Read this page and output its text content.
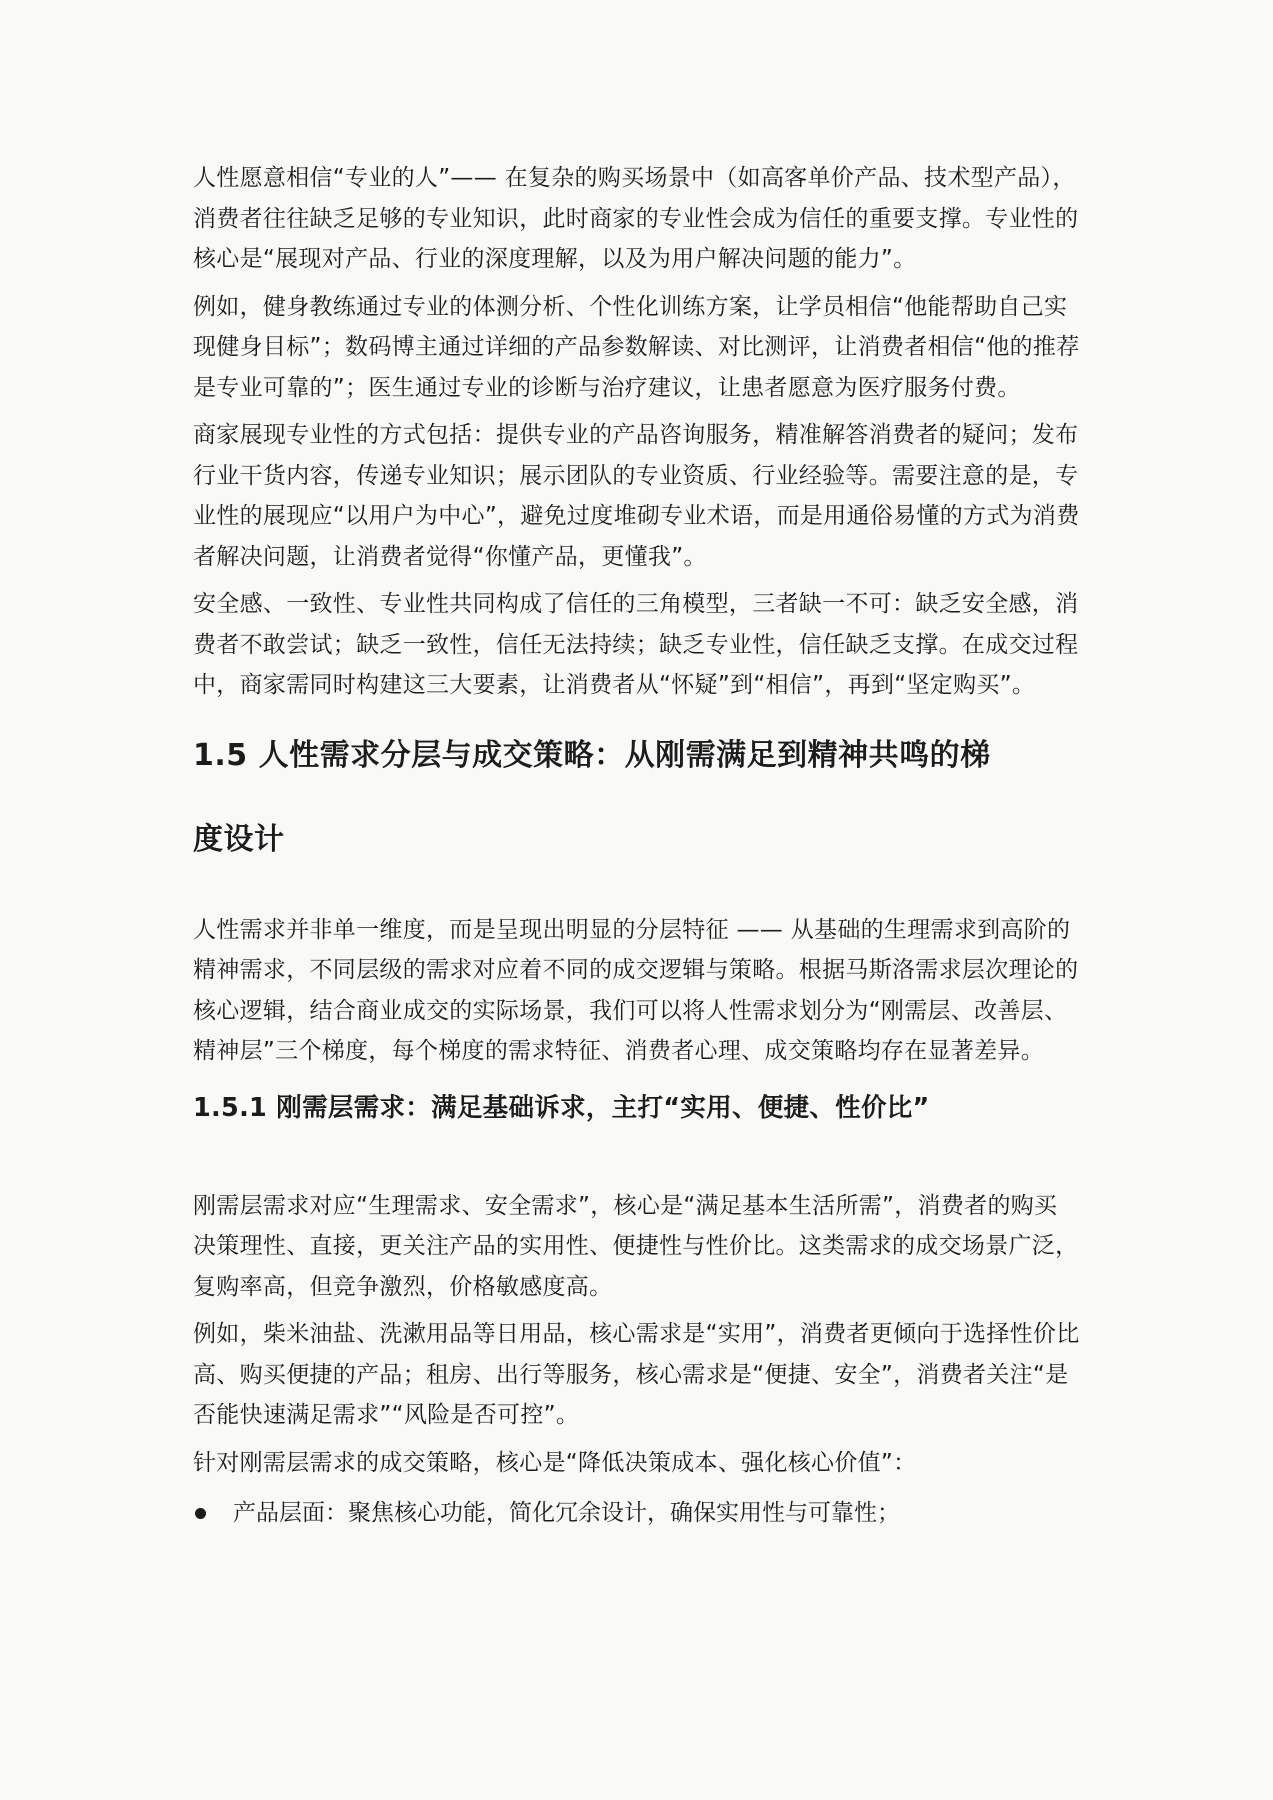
人性愿意相信“专业的人”—— 在复杂的购买场景中（如高客单价产品、技术型产品），
消费者往往缺乏足够的专业知识，此时商家的专业性会成为信任的重要支撑。专业性的
核心是“展现对产品、行业的深度理解，以及为用户解决问题的能力”。
例如，健身教练通过专业的体测分析、个性化训练方案，让学员相信“他能帮助自己实
现健身目标”；数码博主通过详细的产品参数解读、对比测评，让消费者相信“他的推荐
是专业可靠的”；医生通过专业的诊断与治疗建议，让患者愿意为医疗服务付费。
商家展现专业性的方式包括：提供专业的产品咨询服务，精准解答消费者的疑问；发布
行业干货内容，传递专业知识；展示团队的专业资质、行业经验等。需要注意的是，专
业性的展现应“以用户为中心”，避免过度堆砌专业术语，而是用通俗易懂的方式为消费
者解决问题，让消费者觉得“你懂产品，更懂我”。
安全感、一致性、专业性共同构成了信任的三角模型，三者缺一不可：缺乏安全感，消
费者不敢尝试；缺乏一致性，信任无法持续；缺乏专业性，信任缺乏支撑。在成交过程
中，商家需同时构建这三大要素，让消费者从“怀疑”到“相信”，再到“坚定购买”。
1.5 人性需求分层与成交策略：从刚需满足到精神共鸣的梯
度设计
人性需求并非单一维度，而是呈现出明显的分层特征 —— 从基础的生理需求到高阶的
精神需求，不同层级的需求对应着不同的成交逻辑与策略。根据马斯洛需求层次理论的
核心逻辑，结合商业成交的实际场景，我们可以将人性需求划分为“刚需层、改善层、
精神层”三个梯度，每个梯度的需求特征、消费者心理、成交策略均存在显著差异。
1.5.1 刚需层需求：满足基础诉求，主打“实用、便捷、性价比”
刚需层需求对应“生理需求、安全需求”，核心是“满足基本生活所需”，消费者的购买
决策理性、直接，更关注产品的实用性、便捷性与性价比。这类需求的成交场景广泛，
复购率高，但竞争激烈，价格敏感度高。
例如，柴米油盐、洗漱用品等日用品，核心需求是“实用”，消费者更倾向于选择性价比
高、购买便捷的产品；租房、出行等服务，核心需求是“便捷、安全”，消费者关注“是
否能快速满足需求”“风险是否可控”。
针对刚需层需求的成交策略，核心是“降低决策成本、强化核心价值”：
产品层面：聚焦核心功能，简化冗余设计，确保实用性与可靠性；
